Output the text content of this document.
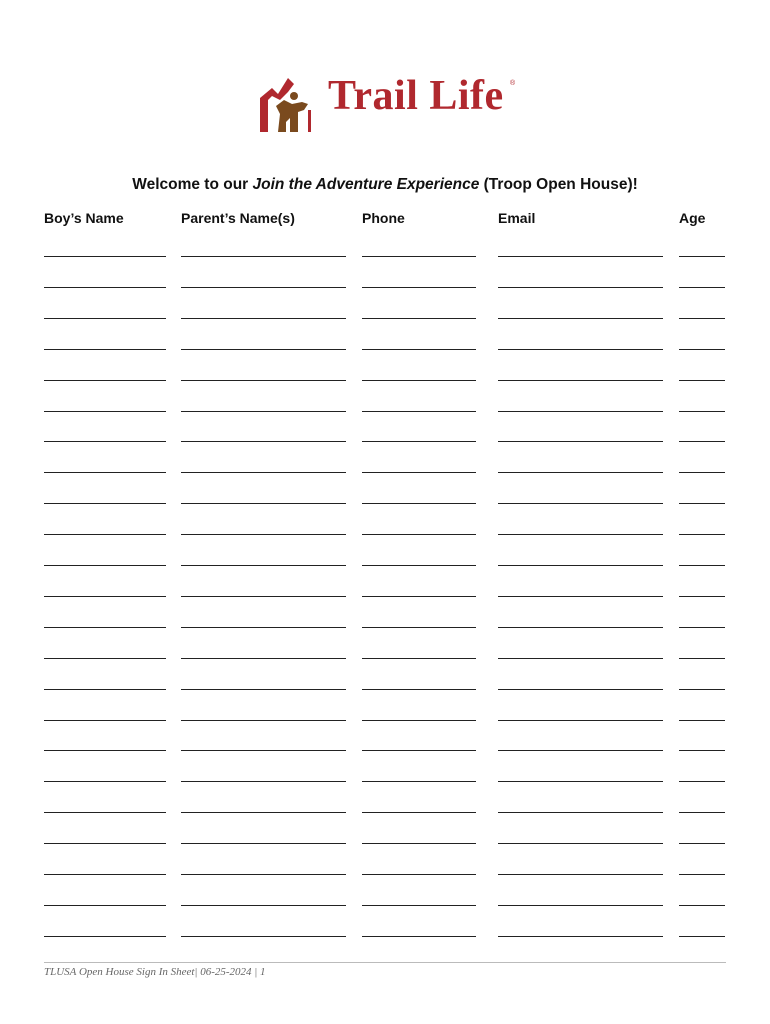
Trail Life ®
Welcome to our Join the Adventure Experience (Troop Open House)!
Boy’s Name	Parent’s Name(s)	Phone	Email	Age
TLUSA Open House Sign In Sheet| 06-25-2024 | 1
